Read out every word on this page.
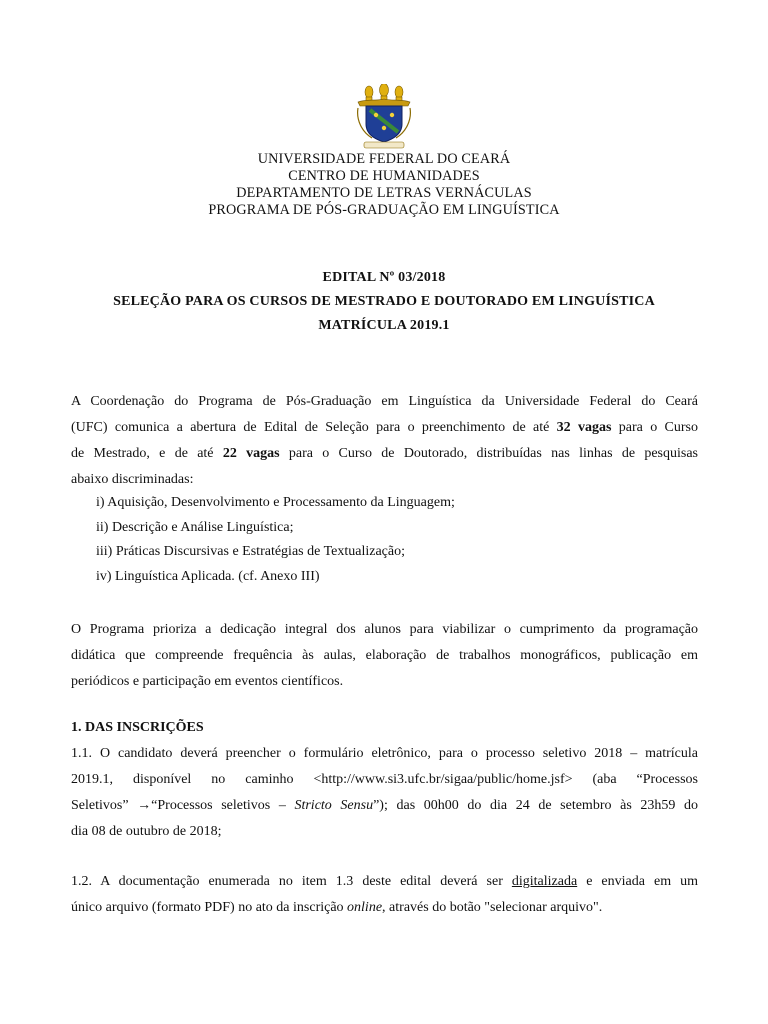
UNIVERSIDADE FEDERAL DO CEARÁ
CENTRO DE HUMANIDADES
DEPARTAMENTO DE LETRAS VERNÁCULAS
PROGRAMA DE PÓS-GRADUAÇÃO EM LINGUÍSTICA
EDITAL Nº 03/2018
SELEÇÃO PARA OS CURSOS DE MESTRADO E DOUTORADO EM LINGUÍSTICA
MATRÍCULA 2019.1
A Coordenação do Programa de Pós-Graduação em Linguística da Universidade Federal do Ceará
(UFC) comunica a abertura de Edital de Seleção para o preenchimento de até 32 vagas para o Curso
de Mestrado, e de até 22 vagas para o Curso de Doutorado, distribuídas nas linhas de pesquisas
abaixo discriminadas:
i) Aquisição, Desenvolvimento e Processamento da Linguagem;
ii) Descrição e Análise Linguística;
iii) Práticas Discursivas e Estratégias de Textualização;
iv) Linguística Aplicada. (cf. Anexo III)
O Programa prioriza a dedicação integral dos alunos para viabilizar o cumprimento da programação
didática que compreende frequência às aulas, elaboração de trabalhos monográficos, publicação em
periódicos e participação em eventos científicos.
1. DAS INSCRIÇÕES
1.1. O candidato deverá preencher o formulário eletrônico, para o processo seletivo 2018 – matrícula
2019.1, disponível no caminho <http://www.si3.ufc.br/sigaa/public/home.jsf> (aba “Processos
Seletivos” →“Processos seletivos – Stricto Sensu”); das 00h00 do dia 24 de setembro às 23h59 do
dia 08 de outubro de 2018;
1.2. A documentação enumerada no item 1.3 deste edital deverá ser digitalizada e enviada em um
único arquivo (formato PDF) no ato da inscrição online, através do botão "selecionar arquivo".
